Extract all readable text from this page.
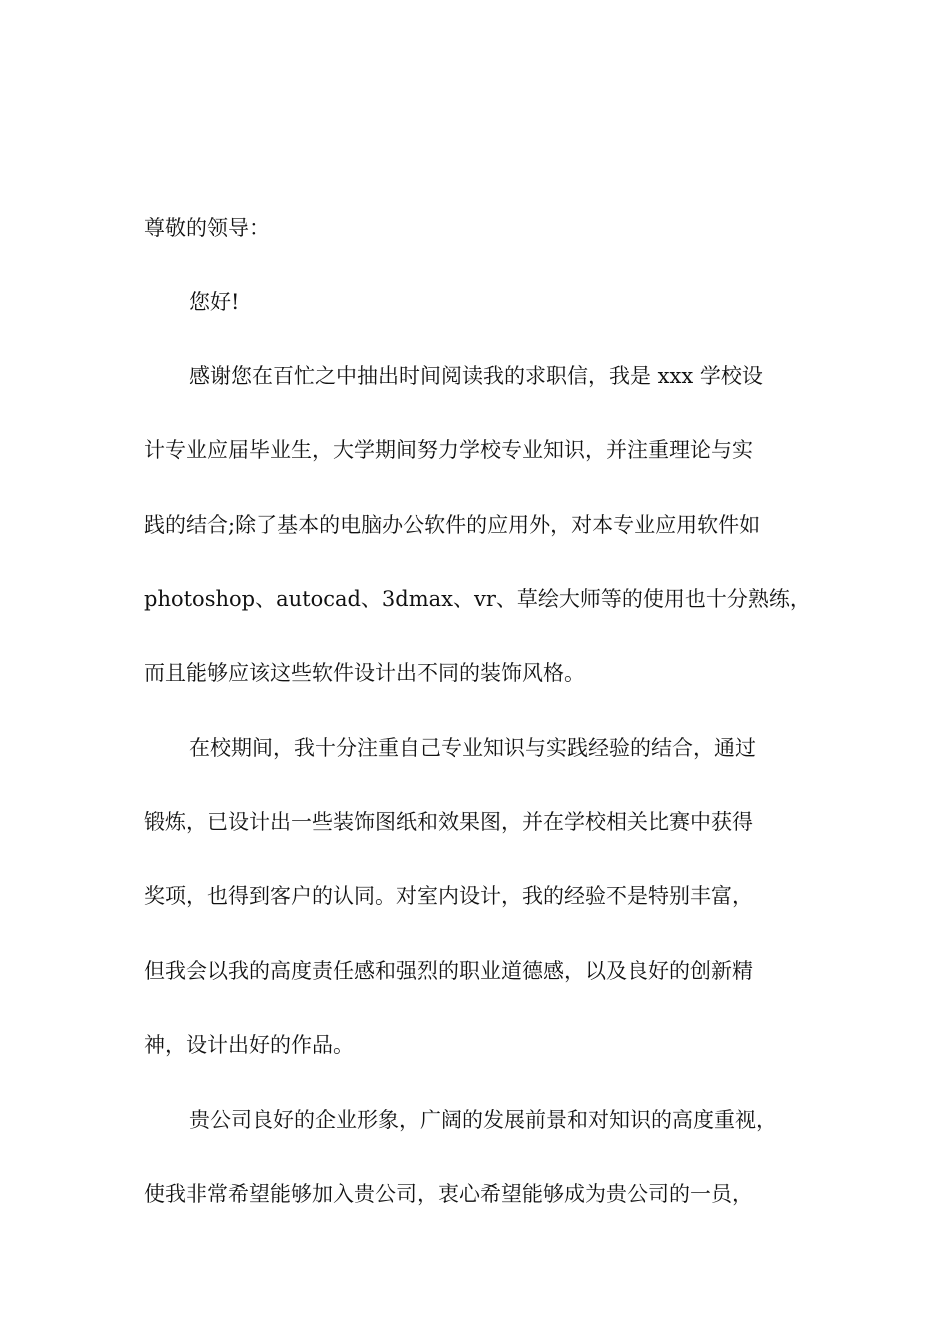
尊敬的领导：
您好!
感谢您在百忙之中抽出时间阅读我的求职信，我是 xxx 学校设
计专业应届毕业生，大学期间努力学校专业知识，并注重理论与实
践的结合;除了基本的电脑办公软件的应用外，对本专业应用软件如
photoshop、autocad、3dmax、vr、草绘大师等的使用也十分熟练，
而且能够应该这些软件设计出不同的装饰风格。
在校期间，我十分注重自己专业知识与实践经验的结合，通过
锻炼，已设计出一些装饰图纸和效果图，并在学校相关比赛中获得
奖项，也得到客户的认同。对室内设计，我的经验不是特别丰富，
但我会以我的高度责任感和强烈的职业道德感，以及良好的创新精
神，设计出好的作品。
贵公司良好的企业形象，广阔的发展前景和对知识的高度重视，
使我非常希望能够加入贵公司，衷心希望能够成为贵公司的一员，
